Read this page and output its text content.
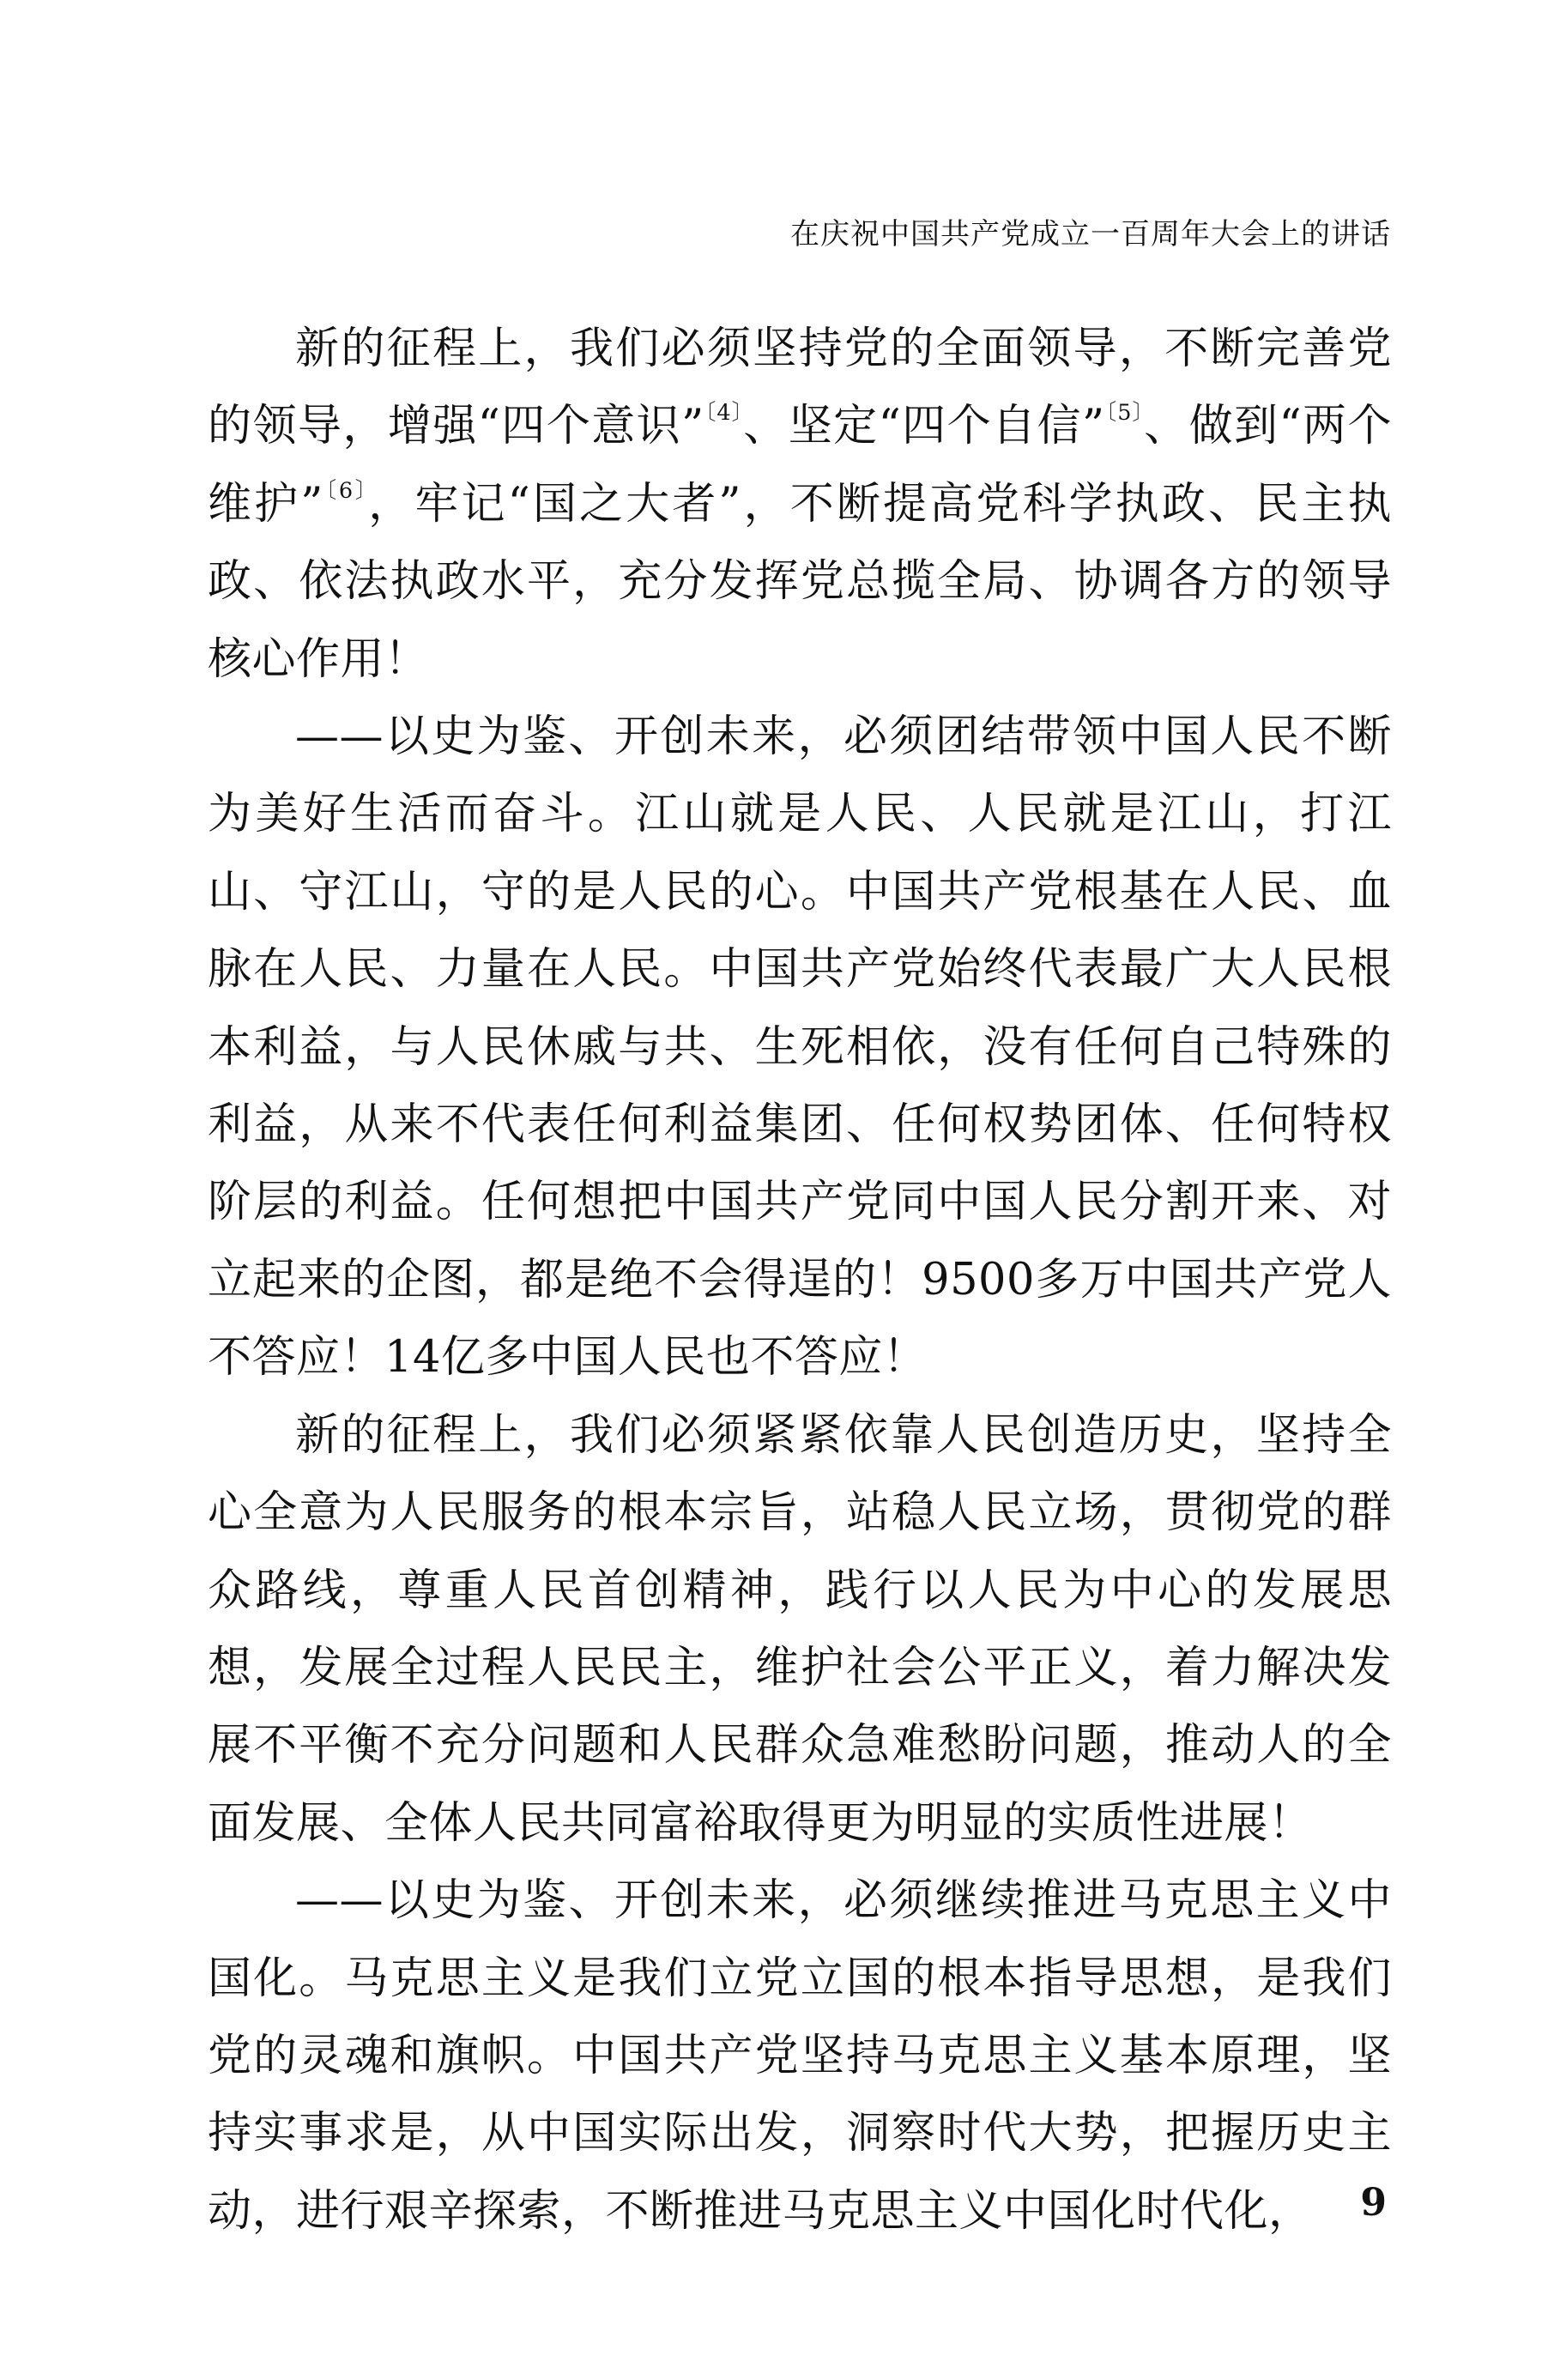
在庆祝中国共产党成立一百周年大会上的讲话

新的征程上，我们必须坚持党的全面领导，不断完善党的领导，增强“四个意识”$^{〔4〕}$、坚定“四个自信”$^{〔5〕}$、做到“两个维护”$^{〔6〕}$，牢记“国之大者”，不断提高党科学执政、民主执政、依法执政水平，充分发挥党总揽全局、协调各方的领导核心作用！

——以史为鉴、开创未来，必须团结带领中国人民不断为美好生活而奋斗。江山就是人民、人民就是江山，打江山、守江山，守的是人民的心。中国共产党根基在人民、血脉在人民、力量在人民。中国共产党始终代表最广大人民根本利益，与人民休戚与共、生死相依，没有任何自己特殊的利益，从来不代表任何利益集团、任何权势团体、任何特权阶层的利益。任何想把中国共产党同中国人民分割开来、对立起来的企图，都是绝不会得逞的！9500多万中国共产党人不答应！14亿多中国人民也不答应！

新的征程上，我们必须紧紧依靠人民创造历史，坚持全心全意为人民服务的根本宗旨，站稳人民立场，贯彻党的群众路线，尊重人民首创精神，践行以人民为中心的发展思想，发展全过程人民民主，维护社会公平正义，着力解决发展不平衡不充分问题和人民群众急难愁盼问题，推动人的全面发展、全体人民共同富裕取得更为明显的实质性进展！

——以史为鉴、开创未来，必须继续推进马克思主义中国化。马克思主义是我们立党立国的根本指导思想，是我们党的灵魂和旗帜。中国共产党坚持马克思主义基本原理，坚持实事求是，从中国实际出发，洞察时代大势，把握历史主动，进行艰辛探索，不断推进马克思主义中国化时代化，	9
